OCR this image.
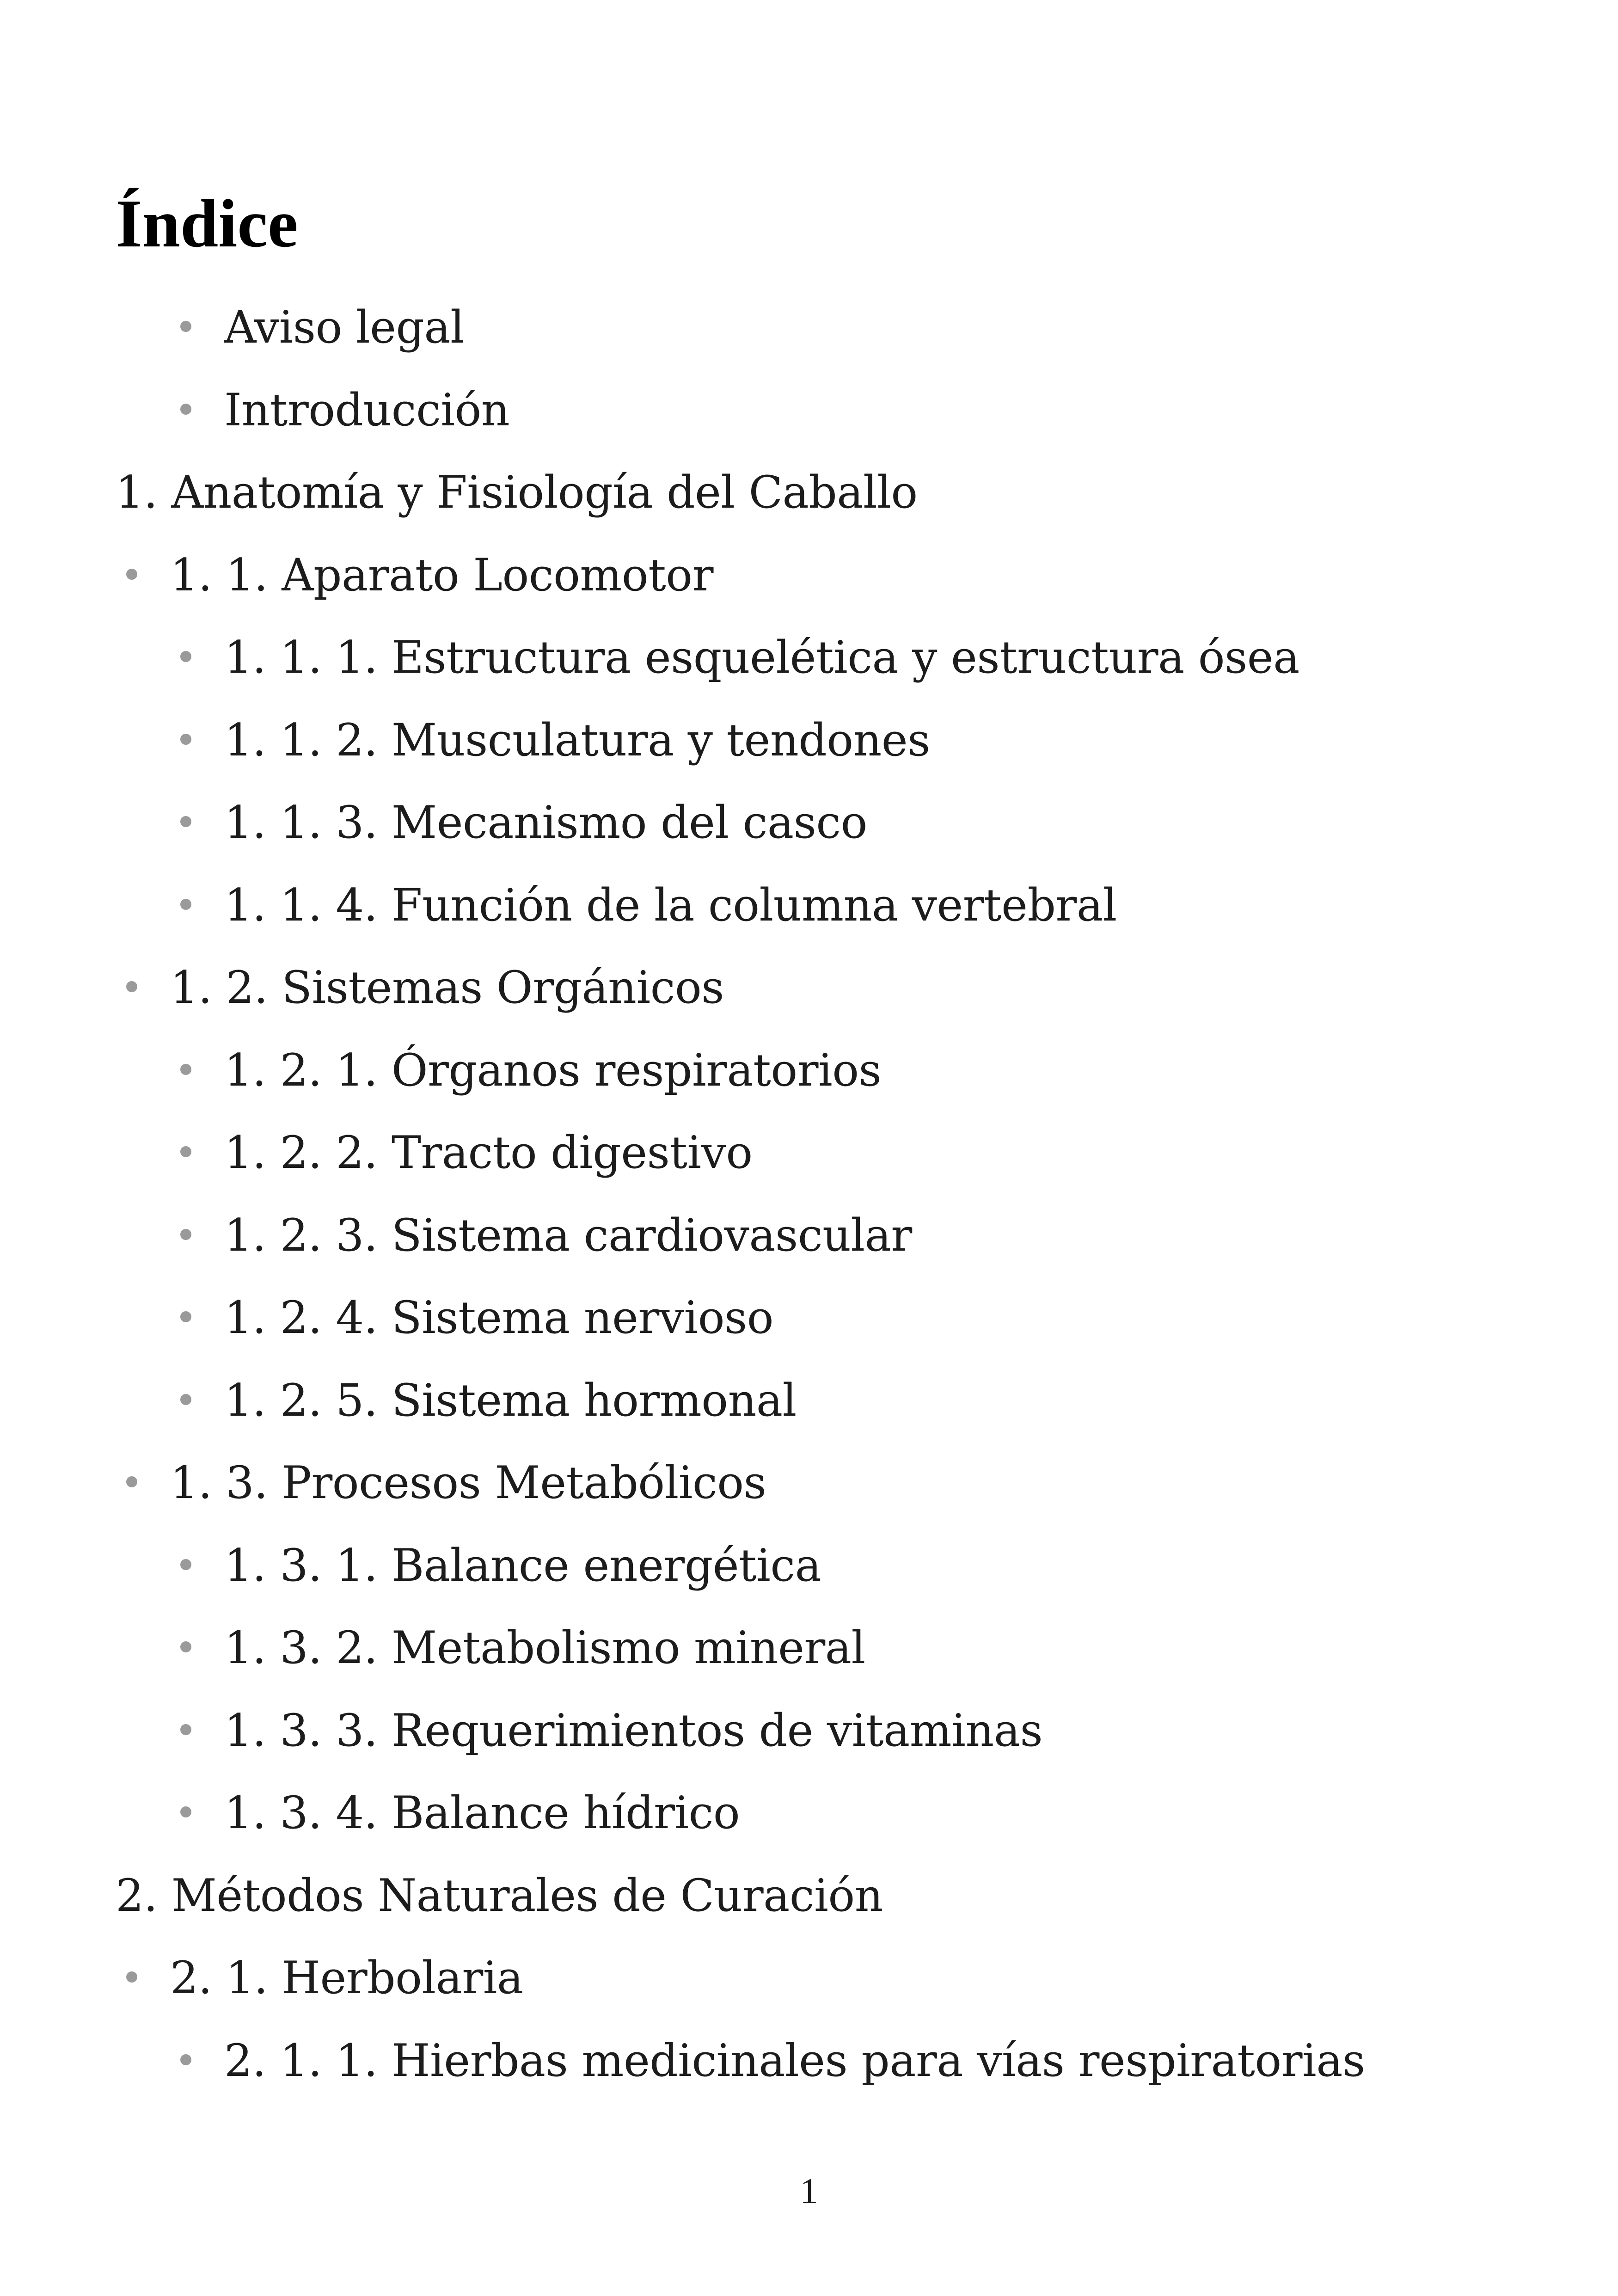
Índice
Aviso legal
Introducción
1. Anatomía y Fisiología del Caballo
1. 1. Aparato Locomotor
1. 1. 1. Estructura esquelética y estructura ósea
1. 1. 2. Musculatura y tendones
1. 1. 3. Mecanismo del casco
1. 1. 4. Función de la columna vertebral
1. 2. Sistemas Orgánicos
1. 2. 1. Órganos respiratorios
1. 2. 2. Tracto digestivo
1. 2. 3. Sistema cardiovascular
1. 2. 4. Sistema nervioso
1. 2. 5. Sistema hormonal
1. 3. Procesos Metabólicos
1. 3. 1. Balance energética
1. 3. 2. Metabolismo mineral
1. 3. 3. Requerimientos de vitaminas
1. 3. 4. Balance hídrico
2. Métodos Naturales de Curación
2. 1. Herbolaria
2. 1. 1. Hierbas medicinales para vías respiratorias
1
